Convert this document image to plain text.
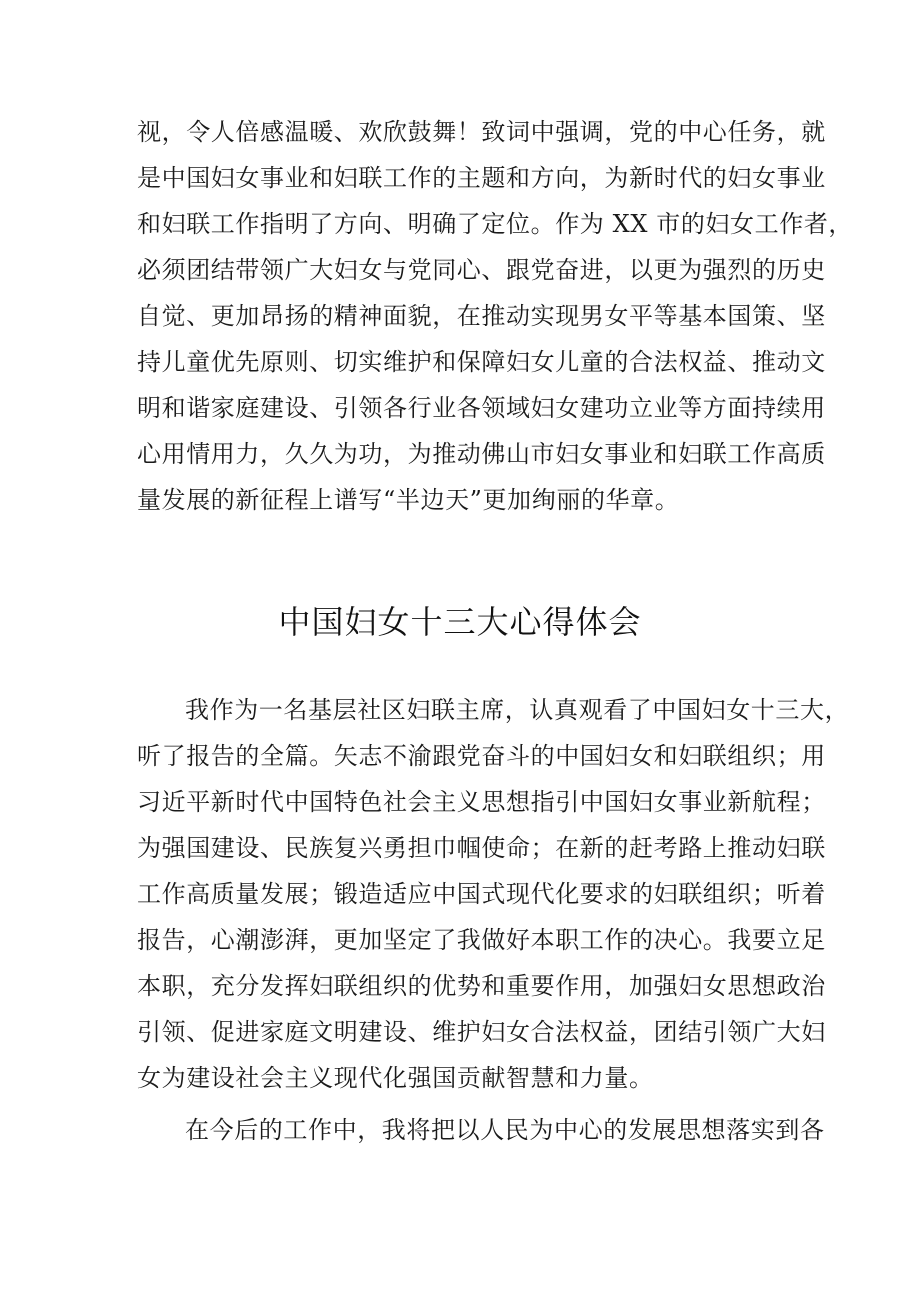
视，令人倍感温暖、欢欣鼓舞！致词中强调，党的中心任务，就
是中国妇女事业和妇联工作的主题和方向，为新时代的妇女事业
和妇联工作指明了方向、明确了定位。作为 XX 市的妇女工作者，
必须团结带领广大妇女与党同心、跟党奋进，以更为强烈的历史
自觉、更加昂扬的精神面貌，在推动实现男女平等基本国策、坚
持儿童优先原则、切实维护和保障妇女儿童的合法权益、推动文
明和谐家庭建设、引领各行业各领域妇女建功立业等方面持续用
心用情用力，久久为功，为推动佛山市妇女事业和妇联工作高质
量发展的新征程上谱写“半边天”更加绚丽的华章。
中国妇女十三大心得体会
我作为一名基层社区妇联主席，认真观看了中国妇女十三大，
听了报告的全篇。矢志不渝跟党奋斗的中国妇女和妇联组织；用
习近平新时代中国特色社会主义思想指引中国妇女事业新航程；
为强国建设、民族复兴勇担巾帼使命；在新的赶考路上推动妇联
工作高质量发展；锻造适应中国式现代化要求的妇联组织；听着
报告，心潮澎湃，更加坚定了我做好本职工作的决心。我要立足
本职，充分发挥妇联组织的优势和重要作用，加强妇女思想政治
引领、促进家庭文明建设、维护妇女合法权益，团结引领广大妇
女为建设社会主义现代化强国贡献智慧和力量。
在今后的工作中，我将把以人民为中心的发展思想落实到各
